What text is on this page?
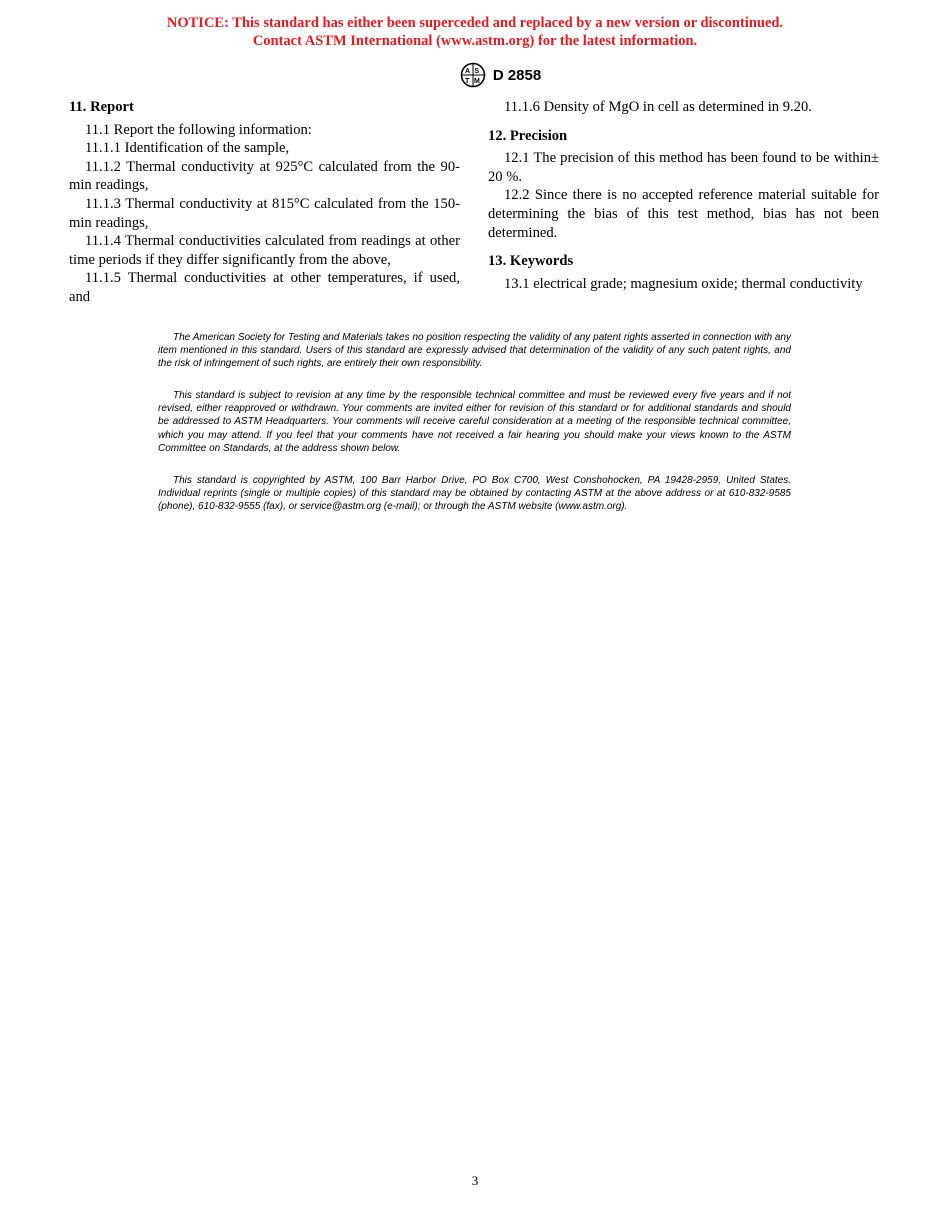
NOTICE: This standard has either been superceded and replaced by a new version or discontinued.
Contact ASTM International (www.astm.org) for the latest information.
A S
T M D 2858
11. Report

11.1 Report the following information:

11.1.1 Identification of the sample,

11.1.2 Thermal conductivity at 925°C calculated from the 90-min readings,

11.1.3 Thermal conductivity at 815°C calculated from the 150-min readings,

11.1.4 Thermal conductivities calculated from readings at other time periods if they differ significantly from the above,

11.1.5 Thermal conductivities at other temperatures, if used, and

11.1.6 Density of MgO in cell as determined in 9.20.

12. Precision

12.1 The precision of this method has been found to be within± 20 %.

12.2 Since there is no accepted reference material suitable for determining the bias of this test method, bias has not been determined.

13. Keywords

13.1 electrical grade; magnesium oxide; thermal conductivity

The American Society for Testing and Materials takes no position respecting the validity of any patent rights asserted in connection with any item mentioned in this standard. Users of this standard are expressly advised that determination of the validity of any such patent rights, and the risk of infringement of such rights, are entirely their own responsibility.

This standard is subject to revision at any time by the responsible technical committee and must be reviewed every five years and if not revised, either reapproved or withdrawn. Your comments are invited either for revision of this standard or for additional standards and should be addressed to ASTM Headquarters. Your comments will receive careful consideration at a meeting of the responsible technical committee, which you may attend. If you feel that your comments have not received a fair hearing you should make your views known to the ASTM Committee on Standards, at the address shown below.

This standard is copyrighted by ASTM, 100 Barr Harbor Drive, PO Box C700, West Conshohocken, PA 19428-2959, United States. Individual reprints (single or multiple copies) of this standard may be obtained by contacting ASTM at the above address or at 610-832-9585 (phone), 610-832-9555 (fax), or service@astm.org (e-mail); or through the ASTM website (www.astm.org).

3
